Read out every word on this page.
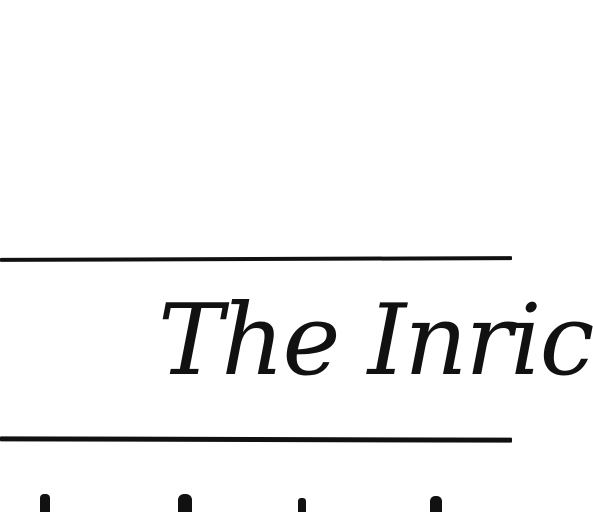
The Inric
